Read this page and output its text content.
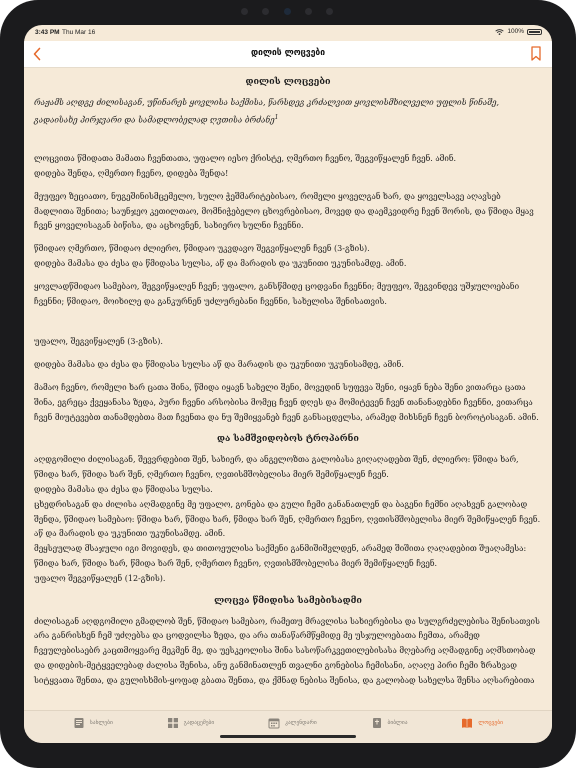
3:43 PM Thu Mar 16	100%
დილის ლოცვები
დილის ლოცვები

რაჟამს აღდგე ძილისაგან, უწინარეს ყოვლისა საქმისა, წარსდეგ კრძალვით ყოვლისმხილველი უფლის წინაშე, გადაისახე პირჯვარი და სამადლობელად ღვთისა ბრძანე$^1$

ლოცვითა წმიდათა მამათა ჩვენთათა, უფალო იესო ქრისტე, ღმერთო ჩვენო, შეგვიწყალენ ჩვენ. ამინ.
დიდება შენდა, ღმერთო ჩვენო, დიდება შენდა!

მეუფეო ზეციათო, ნუგეშინისმცემელო, სულო ჭეშმარიტებისაო, რომელი ყოველგან ხარ, და ყოველსავე აღავსებ მადლითა შენითა; საუნჯეო კეთილთაო, მომნიჭებელო ცხოვრებისაო, მოვედ და დაემკვიდრე ჩვენ შორის, და წმიდა მყავ ჩვენ ყოველისაგან ბიწისა, და აცხოვნენ, სახიერო სულნი ჩვენნი.

წმიდაო ღმერთო, წმიდაო ძლიერო, წმიდაო უკვდავო შეგვიწყალენ ჩვენ (3-გზის).
დიდება მამასა და ძესა და წმიდასა სულსა, აწ და მარადის და უკუნითი უკუნისამდე. ამინ.

ყოვლადწმიდაო სამებაო, შეგვიწყალენ ჩვენ; უფალო, განსწმიდე ცოდვანი ჩვენნი; მეუფეო, შეგვინდევ უშჯულოებანი ჩვენნი; წმიდაო, მოიხილე და განკურნენ უძლურებანი ჩვენნი, სახელისა შენისათვის.

უფალო, შეგვიწყალენ (3-გზის).

დიდება მამასა და ძესა და წმიდასა სულსა აწ და მარადის და უკუნითი უკუნისამდე, ამინ.

მამაო ჩვენო, რომელი ხარ ცათა შინა, წმიდა იყავნ სახელი შენი, მოვედინ სუფევა შენი, იყავნ ნება შენი ვითარცა ცათა შინა, ეგრეცა ქვეყანასა ზედა, პური ჩვენი არსობისა მომეც ჩვენ დღეს და მომიტევენ ჩვენ თანანადებნი ჩვენნი, ვითარცა ჩვენ მიუტევებთ თანამდებთა მათ ჩვენთა და ნუ შემიყვანებ ჩვენ განსაცდელსა, არამედ მიხსნენ ჩვენ ბოროტისაგან. ამინ.

და სამშვიდობოს ტროპარნი

აღდგომილი ძილისაგან, შევვრდებით შენ, სახიერ, და ანგელოზთა გალობასა გიღაღადებთ შენ, ძლიერო: წმიდა ხარ, წმიდა ხარ, წმიდა ხარ შენ, ღმერთო ჩვენო, ღვთისმშობელისა მიერ შემიწყალენ ჩვენ.
დიდება მამასა და ძესა და წმიდასა სულსა.
ცხედრისაგან და ძილისა აღმადგინე მე უფალო, გონება და გული ჩემი განანათლენ და ბაგენი ჩემნი აღახვენ გალობად შენდა, წმიდაო სამებაო: წმიდა ხარ, წმიდა ხარ, წმიდა ხარ შენ, ღმერთო ჩვენო, ღვთისმშობელისა მიერ შემიწყალენ ჩვენ.
აწ და მარადის და უკუნითი უკუნისამდე. ამინ.
მეყსეულად მსაჯული იგი მოვიდეს, და თითოეულისა საქმენი განმიშიშვლდენ, არამედ შიშითა ღაღადებით შუაღამესა: წმიდა ხარ, წმიდა ხარ, წმიდა ხარ შენ, ღმერთო ჩვენო, ღვთისმშობელისა მიერ შემიწყალენ ჩვენ.
უფალო შეგვიწყალენ (12-გზის).

ლოცვა წმიდისა სამებისადმი

ძილისაგან აღდგომილი გმადლობ შენ, წმიდაო სამებაო, რამეთუ მრავლისა სახიერებისა და სულგრძელებისა შენისათვის არა განრისხენ ჩემ უძღებსა და ცოდვილსა ზედა, და არა თანაწარმწყმიდე მე უსჯულოებათა ჩემთა, არამედ ჩვეულებისაებრ კაცთმოყვარე მეკმენ მე, და უესკეოლისა შინა სასოწარკვეთილებისასა მღებარე აღმადგინე აღმსთობად და დიდების-მეტყველებად ძალისა შენისა, ანუ განმინათლენ თვალნი გონებისა ჩემისანი, აღაღე პირი ჩემი ზრახვად სიტყვათა შენთა, და გულისხმის-ყოფად გბათა შენთა, და ქმნად ნებისა შენისა, და გალობად სახელსა შენსა აღსარებითა

სახლები	გადაცემები	კალენდარი	ბიბლია	ლოცვები
